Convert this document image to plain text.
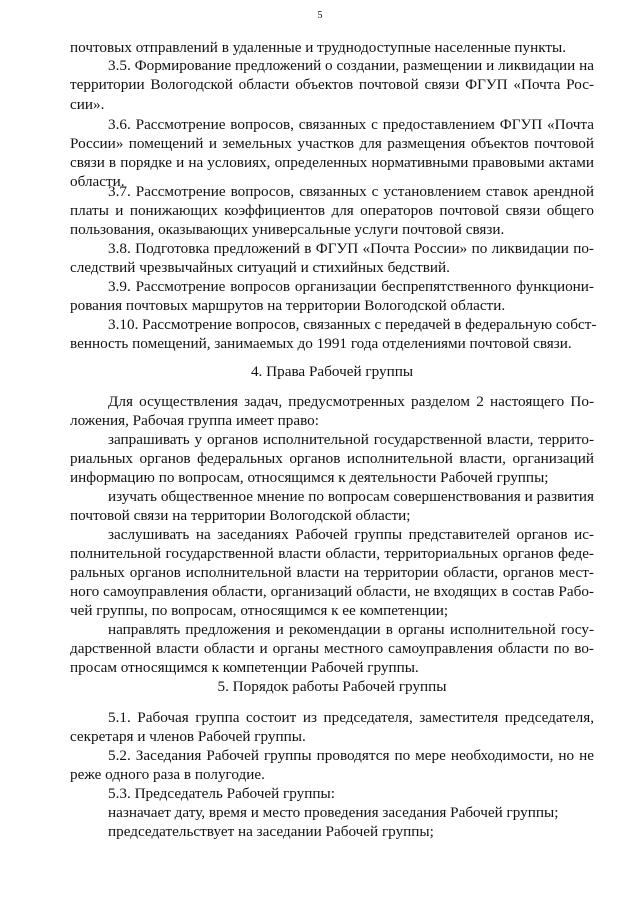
5
почтовых отправлений в удаленные и труднодоступные населенные пункты.
3.5. Формирование предложений о создании, размещении и ликвидации на
территории Вологодской области объектов почтовой связи ФГУП «Почта Рос-
сии».
3.6. Рассмотрение вопросов, связанных с предоставлением ФГУП «Почта
России» помещений и земельных участков для размещения объектов почтовой
связи в порядке и на условиях, определенных нормативными правовыми актами
области.
3.7. Рассмотрение вопросов, связанных с установлением ставок арендной
платы и понижающих коэффициентов для операторов почтовой связи общего
пользования, оказывающих универсальные услуги почтовой связи.
3.8. Подготовка предложений в ФГУП «Почта России» по ликвидации по-
следствий чрезвычайных ситуаций и стихийных бедствий.
3.9. Рассмотрение вопросов организации беспрепятственного функциони-
рования почтовых маршрутов на территории Вологодской области.
3.10. Рассмотрение вопросов, связанных с передачей в федеральную собст-
венность помещений, занимаемых до 1991 года отделениями почтовой связи.
4. Права Рабочей группы
Для осуществления задач, предусмотренных разделом 2 настоящего По-
ложения, Рабочая группа имеет право:
запрашивать у органов исполнительной государственной власти, террито-
риальных органов федеральных органов исполнительной власти, организаций
информацию по вопросам, относящимся к деятельности Рабочей группы;
изучать общественное мнение по вопросам совершенствования и развития
почтовой связи на территории Вологодской области;
заслушивать на заседаниях Рабочей группы представителей органов ис-
полнительной государственной власти области, территориальных органов феде-
ральных органов исполнительной власти на территории области, органов мест-
ного самоуправления области, организаций области, не входящих в состав Рабо-
чей группы, по вопросам, относящимся к ее компетенции;
направлять предложения и рекомендации в органы исполнительной госу-
дарственной власти области и органы местного самоуправления области по во-
просам относящимся к компетенции Рабочей группы.
5. Порядок работы Рабочей группы
5.1. Рабочая группа состоит из председателя, заместителя председателя,
секретаря и членов Рабочей группы.
5.2. Заседания Рабочей группы проводятся по мере необходимости, но не
реже одного раза в полугодие.
5.3. Председатель Рабочей группы:
назначает дату, время и место проведения заседания Рабочей группы;
председательствует на заседании Рабочей группы;
